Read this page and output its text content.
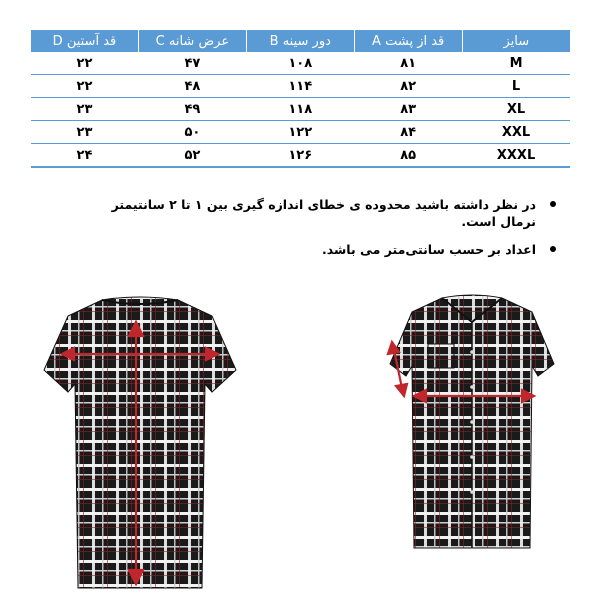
سایز	قد از پشت A	دور سینه B	عرض شانه C	قد آستین D
M	۸۱	۱۰۸	۴۷	۲۲
L	۸۲	۱۱۴	۴۸	۲۲
XL	۸۳	۱۱۸	۴۹	۲۳
XXL	۸۴	۱۲۲	۵۰	۲۳
XXXL	۸۵	۱۲۶	۵۲	۲۴
در نظر داشته باشید محدوده ی خطای اندازه گیری بین ۱ تا ۲ سانتیمتر نرمال است.
اعداد بر حسب سانتی‌متر می باشد.
